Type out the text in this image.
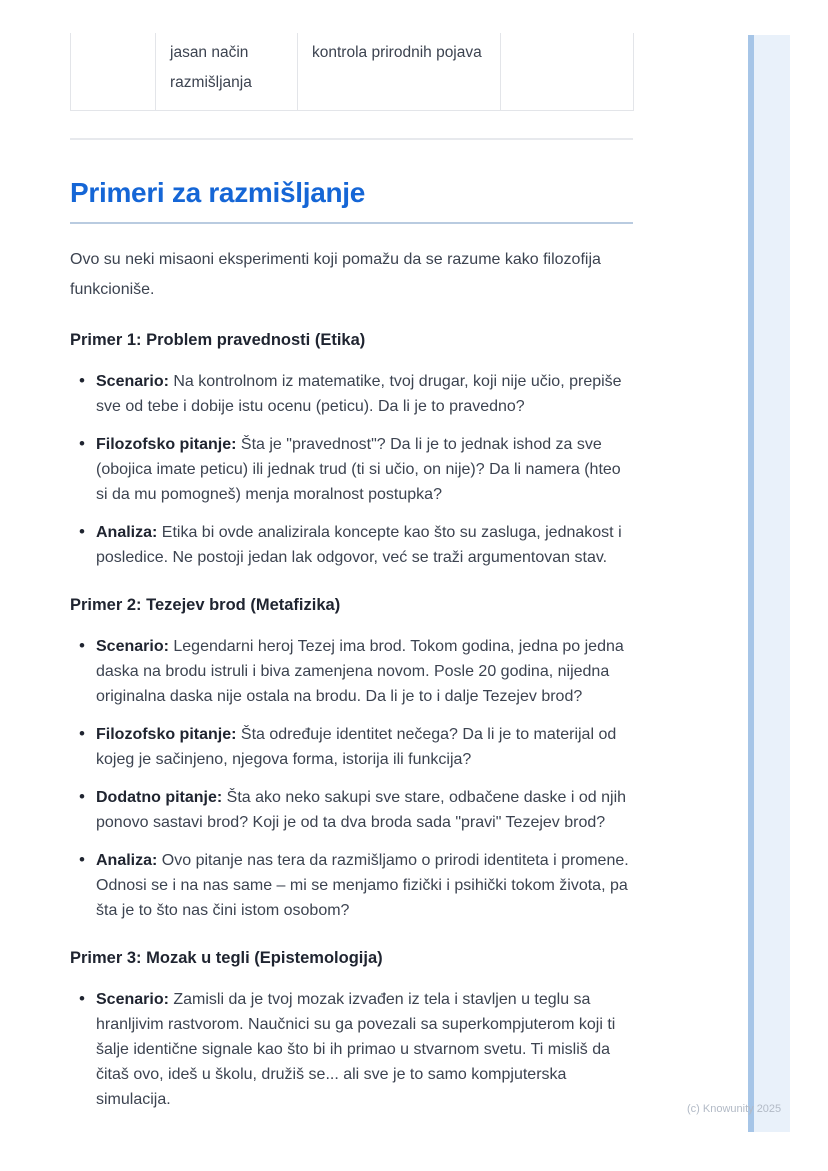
	jasan način razmišljanja	kontrola prirodnih pojava	
Primeri za razmišljanje

Ovo su neki misaoni eksperimenti koji pomažu da se razume kako filozofija funkcioniše.

Primer 1: Problem pravednosti (Etika)
• Scenario: Na kontrolnom iz matematike, tvoj drugar, koji nije učio, prepiše sve od tebe i dobije istu ocenu (peticu). Da li je to pravedno?
• Filozofsko pitanje: Šta je "pravednost"? Da li je to jednak ishod za sve (obojica imate peticu) ili jednak trud (ti si učio, on nije)? Da li namera (hteo si da mu pomogneš) menja moralnost postupka?
• Analiza: Etika bi ovde analizirala koncepte kao što su zasluga, jednakost i posledice. Ne postoji jedan lak odgovor, već se traži argumentovan stav.
Primer 2: Tezejev brod (Metafizika)
• Scenario: Legendarni heroj Tezej ima brod. Tokom godina, jedna po jedna daska na brodu istruli i biva zamenjena novom. Posle 20 godina, nijedna originalna daska nije ostala na brodu. Da li je to i dalje Tezejev brod?
• Filozofsko pitanje: Šta određuje identitet nečega? Da li je to materijal od kojeg je sačinjeno, njegova forma, istorija ili funkcija?
• Dodatno pitanje: Šta ako neko sakupi sve stare, odbačene daske i od njih ponovo sastavi brod? Koji je od ta dva broda sada "pravi" Tezejev brod?
• Analiza: Ovo pitanje nas tera da razmišljamo o prirodi identiteta i promene. Odnosi se i na nas same – mi se menjamo fizički i psihički tokom života, pa šta je to što nas čini istom osobom?
Primer 3: Mozak u tegli (Epistemologija)
• Scenario: Zamisli da je tvoj mozak izvađen iz tela i stavljen u teglu sa hranljivim rastvorom. Naučnici su ga povezali sa superkompjuterom koji ti šalje identične signale kao što bi ih primao u stvarnom svetu. Ti misliš da čitaš ovo, ideš u školu, družiš se... ali sve je to samo kompjuterska simulacija.
(c) Knowunity 2025
